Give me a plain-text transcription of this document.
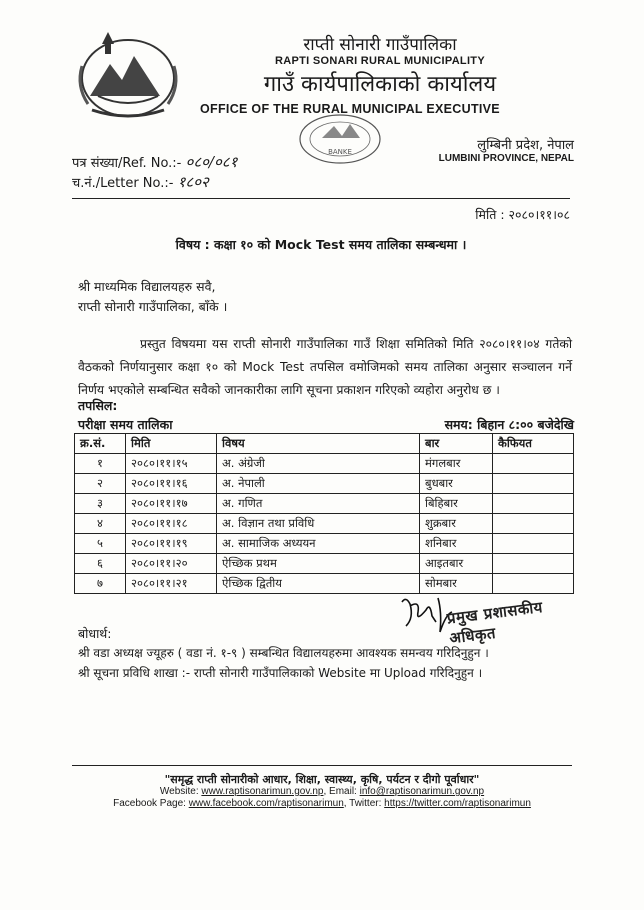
राप्ती सोनारी गाउँपालिका
RAPTI SONARI RURAL MUNICIPALITY
गाउँ कार्यपालिकाको कार्यालय
OFFICE OF THE RURAL MUNICIPAL EXECUTIVE
BANKE	लुम्बिनी प्रदेश, नेपाल
LUMBINI PROVINCE, NEPAL
पत्र संख्या/Ref. No.:- ०८०/०८१
च.नं./Letter No.:- १८०२
मिति : २०८०।११।०८
विषय : कक्षा १० को Mock Test समय तालिका सम्बन्धमा ।
श्री माध्यमिक विद्यालयहरु सवै,
राप्ती सोनारी गाउँपालिका, बाँके ।
प्रस्तुत विषयमा यस राप्ती सोनारी गाउँपालिका गाउँ शिक्षा समितिको मिति २०८०।११।०४ गतेको वैठकको निर्णयानुसार कक्षा १० को Mock Test तपसिल वमोजिमको समय तालिका अनुसार सञ्चालन गर्ने निर्णय भएकोले सम्बन्धित सवैको जानकारीका लागि सूचना प्रकाशन गरिएको व्यहोरा अनुरोध छ ।
तपसिल:
परीक्षा समय तालिका	समय: बिहान ८:०० बजेदेखि
क्र.सं.	मिति	विषय	बार	कैफियत
१	२०८०।११।१५	अ. अंग्रेजी	मंगलबार	
२	२०८०।११।१६	अ. नेपाली	बुधबार	
३	२०८०।११।१७	अ. गणित	बिहिबार	
४	२०८०।११।१८	अ. विज्ञान तथा प्रविधि	शुक्रबार	
५	२०८०।११।१९	अ. सामाजिक अध्ययन	शनिबार	
६	२०८०।११।२०	ऐच्छिक प्रथम	आइतबार	
७	२०८०।११।२१	ऐच्छिक द्वितीय	सोमबार	
प्रमुख प्रशासकीय अधिकृत
बोधार्थ:
श्री वडा अध्यक्ष ज्यूहरु ( वडा नं. १-९ ) सम्बन्धित विद्यालयहरुमा आवश्यक समन्वय गरिदिनुहुन ।
श्री सूचना प्रविधि शाखा :- राप्ती सोनारी गाउँपालिकाको Website मा Upload गरिदिनुहुन ।
"समृद्ध राप्ती सोनारीको आधार, शिक्षा, स्वास्थ्य, कृषि, पर्यटन र दीगो पूर्वाधार"
Website: www.raptisonarimun.gov.np, Email: info@raptisonarimun.gov.np
Facebook Page: www.facebook.com/raptisonarimun, Twitter: https://twitter.com/raptisonarimun
